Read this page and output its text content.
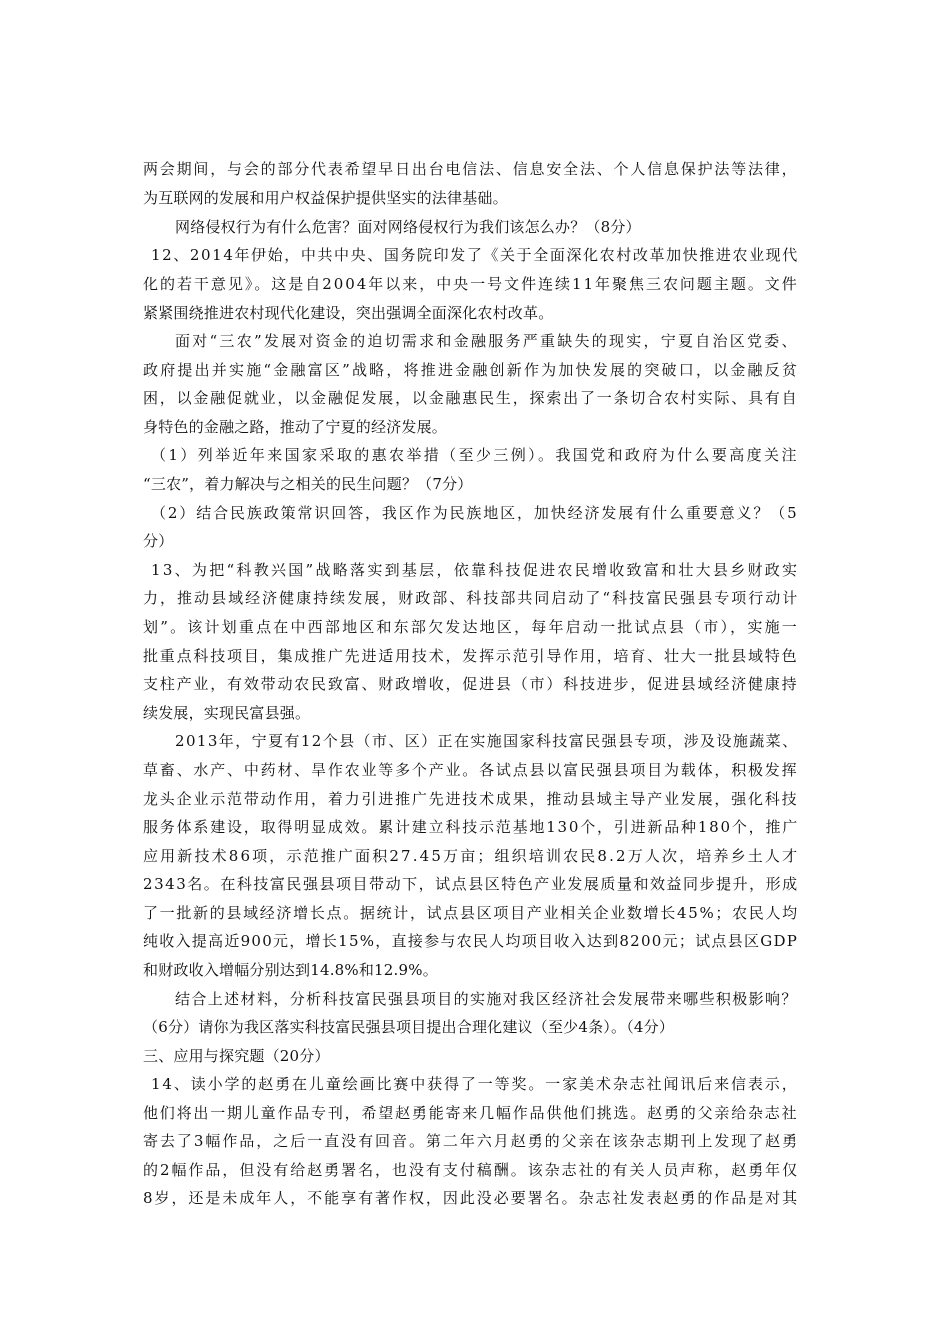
两会期间，与会的部分代表希望早日出台电信法、信息安全法、个人信息保护法等法律，
为互联网的发展和用户权益保护提供坚实的法律基础。
网络侵权行为有什么危害？面对网络侵权行为我们该怎么办？（8分）
12、2014年伊始，中共中央、国务院印发了《关于全面深化农村改革加快推进农业现代
化的若干意见》。这是自2004年以来，中央一号文件连续11年聚焦三农问题主题。文件
紧紧围绕推进农村现代化建设，突出强调全面深化农村改革。
面对“三农”发展对资金的迫切需求和金融服务严重缺失的现实，宁夏自治区党委、
政府提出并实施“金融富区”战略，将推进金融创新作为加快发展的突破口，以金融反贫
困，以金融促就业，以金融促发展，以金融惠民生，探索出了一条切合农村实际、具有自
身特色的金融之路，推动了宁夏的经济发展。
（1）列举近年来国家采取的惠农举措（至少三例）。我国党和政府为什么要高度关注
“三农”，着力解决与之相关的民生问题？（7分）
（2）结合民族政策常识回答，我区作为民族地区，加快经济发展有什么重要意义？（5
分）
13、为把“科教兴国”战略落实到基层，依靠科技促进农民增收致富和壮大县乡财政实
力，推动县域经济健康持续发展，财政部、科技部共同启动了“科技富民强县专项行动计
划”。该计划重点在中西部地区和东部欠发达地区，每年启动一批试点县（市），实施一
批重点科技项目，集成推广先进适用技术，发挥示范引导作用，培育、壮大一批县域特色
支柱产业，有效带动农民致富、财政增收，促进县（市）科技进步，促进县域经济健康持
续发展，实现民富县强。
2013年，宁夏有12个县（市、区）正在实施国家科技富民强县专项，涉及设施蔬菜、
草畜、水产、中药材、旱作农业等多个产业。各试点县以富民强县项目为载体，积极发挥
龙头企业示范带动作用，着力引进推广先进技术成果，推动县域主导产业发展，强化科技
服务体系建设，取得明显成效。累计建立科技示范基地130个，引进新品种180个，推广
应用新技术86项，示范推广面积27.45万亩；组织培训农民8.2万人次，培养乡土人才
2343名。在科技富民强县项目带动下，试点县区特色产业发展质量和效益同步提升，形成
了一批新的县域经济增长点。据统计，试点县区项目产业相关企业数增长45%；农民人均
纯收入提高近900元，增长15%，直接参与农民人均项目收入达到8200元；试点县区GDP
和财政收入增幅分别达到14.8%和12.9%。
结合上述材料，分析科技富民强县项目的实施对我区经济社会发展带来哪些积极影响？
（6分）请你为我区落实科技富民强县项目提出合理化建议（至少4条）。（4分）
三、应用与探究题（20分）
14、读小学的赵勇在儿童绘画比赛中获得了一等奖。一家美术杂志社闻讯后来信表示，
他们将出一期儿童作品专刊，希望赵勇能寄来几幅作品供他们挑选。赵勇的父亲给杂志社
寄去了3幅作品，之后一直没有回音。第二年六月赵勇的父亲在该杂志期刊上发现了赵勇
的2幅作品，但没有给赵勇署名，也没有支付稿酬。该杂志社的有关人员声称，赵勇年仅
8岁，还是未成年人，不能享有著作权，因此没必要署名。杂志社发表赵勇的作品是对其
